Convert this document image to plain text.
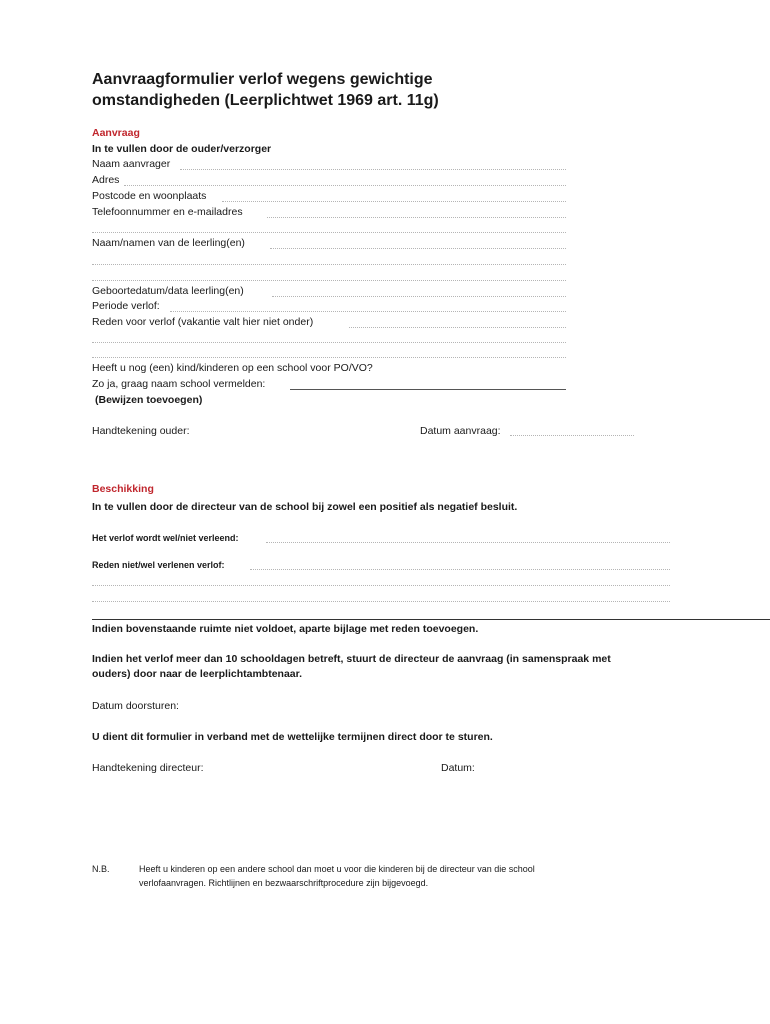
Aanvraagformulier verlof wegens gewichtige
omstandigheden (Leerplichtwet 1969 art. 11g)
Aanvraag
In te vullen door de ouder/verzorger
Naam aanvrager
Adres
Postcode en woonplaats
Telefoonnummer en e-mailadres
Naam/namen van de leerling(en)
Geboortedatum/data leerling(en)
Periode verlof:
Reden voor verlof (vakantie valt hier niet onder)
Heeft u nog (een) kind/kinderen op een school voor PO/VO?
Zo ja, graag naam school vermelden:
(Bewijzen toevoegen)
Handtekening ouder:	Datum aanvraag:
Beschikking
In te vullen door de directeur van de school bij zowel een positief als negatief besluit.
Het verlof wordt wel/niet verleend:
Reden niet/wel verlenen verlof:
Indien bovenstaande ruimte niet voldoet, aparte bijlage met reden toevoegen.
Indien het verlof meer dan 10 schooldagen betreft, stuurt de directeur de aanvraag (in samenspraak met
ouders) door naar de leerplichtambtenaar.
Datum doorsturen:
U dient dit formulier in verband met de wettelijke termijnen direct door te sturen.
Handtekening directeur:	Datum:
N.B.	Heeft u kinderen op een andere school dan moet u voor die kinderen bij de directeur van die school
verlofaanvragen. Richtlijnen en bezwaarschriftprocedure zijn bijgevoegd.
